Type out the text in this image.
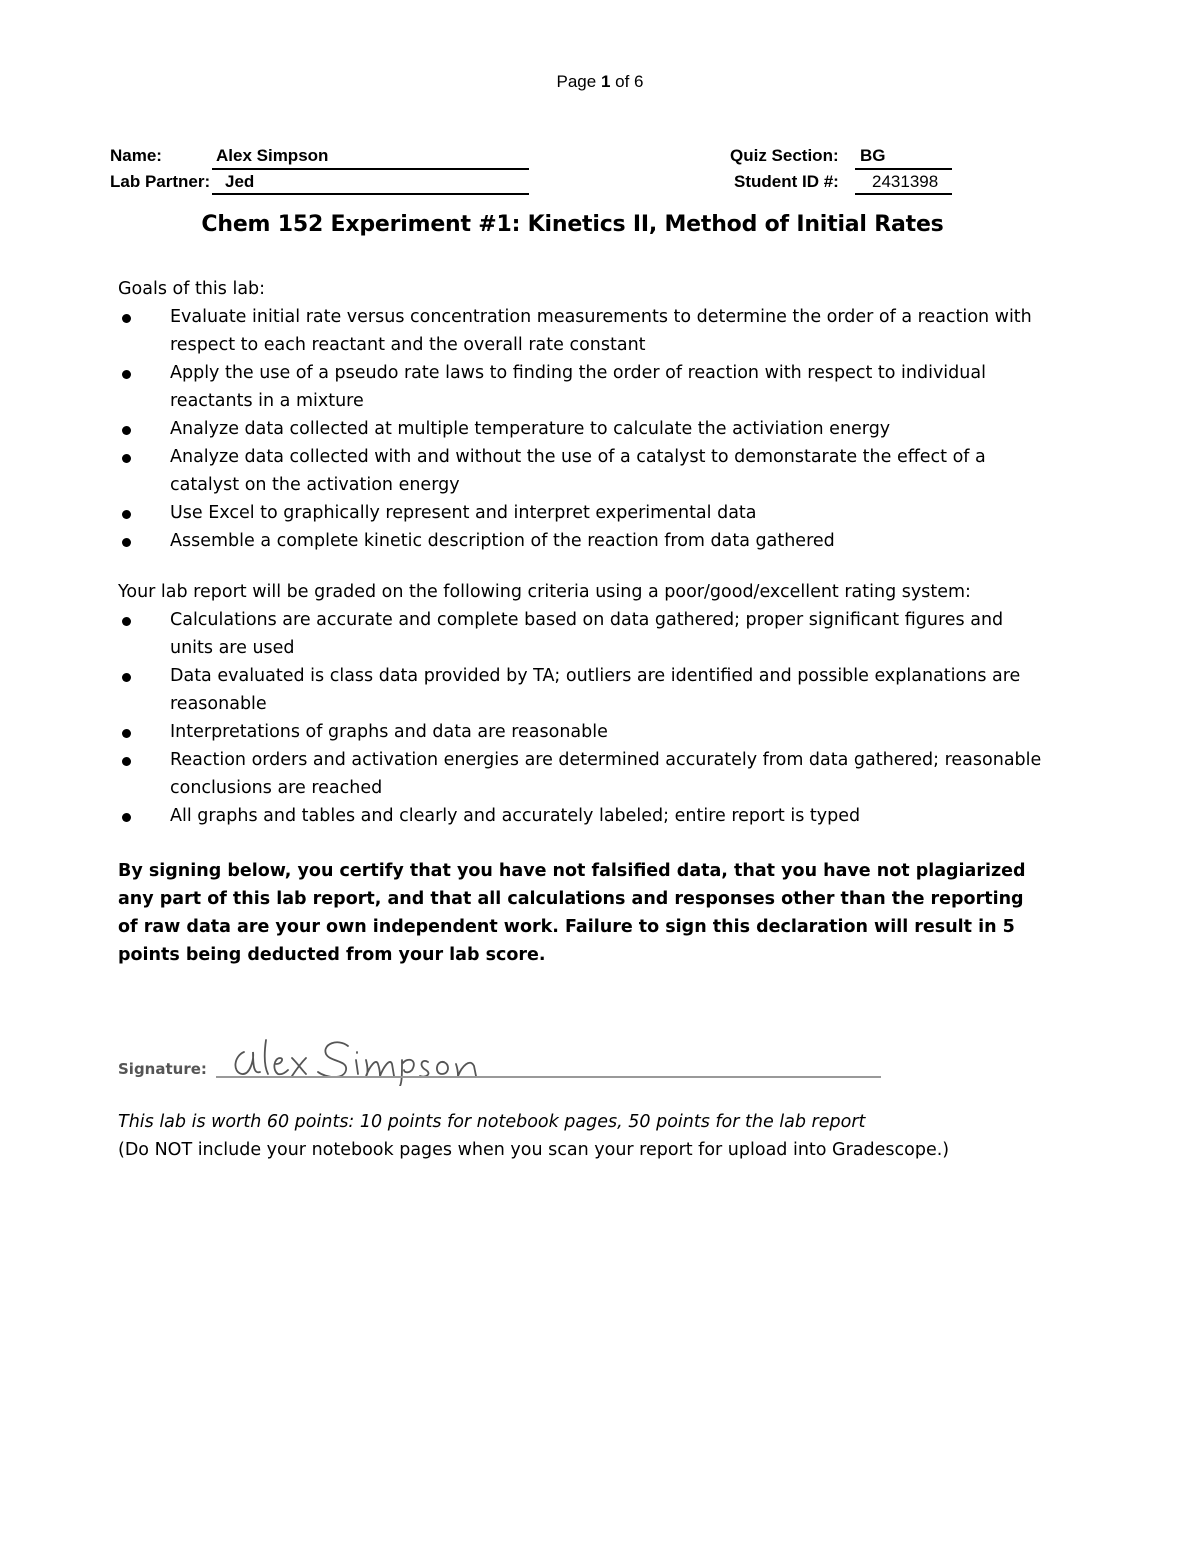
Page 1 of 6
Name:	Alex Simpson
Lab Partner: Jed
Quiz Section: BG
Student ID #: 2431398
Chem 152 Experiment #1: Kinetics II, Method of Initial Rates

Goals of this lab:

Evaluate initial rate versus concentration measurements to determine the order of a reaction with respect to each reactant and the overall rate constant
Apply the use of a pseudo rate laws to finding the order of reaction with respect to individual reactants in a mixture
Analyze data collected at multiple temperature to calculate the activiation energy
Analyze data collected with and without the use of a catalyst to demonstarate the effect of a catalyst on the activation energy
Use Excel to graphically represent and interpret experimental data
Assemble a complete kinetic description of the reaction from data gathered

Your lab report will be graded on the following criteria using a poor/good/excellent rating system:

Calculations are accurate and complete based on data gathered; proper significant figures and units are used
Data evaluated is class data provided by TA; outliers are identified and possible explanations are reasonable
Interpretations of graphs and data are reasonable
Reaction orders and activation energies are determined accurately from data gathered; reasonable conclusions are reached
All graphs and tables and clearly and accurately labeled; entire report is typed
By signing below, you certify that you have not falsified data, that you have not plagiarized any part of this lab report, and that all calculations and responses other than the reporting of raw data are your own independent work. Failure to sign this declaration will result in 5 points being deducted from your lab score.
Signature:

This lab is worth 60 points: 10 points for notebook pages, 50 points for the lab report

(Do NOT include your notebook pages when you scan your report for upload into Gradescope.)
